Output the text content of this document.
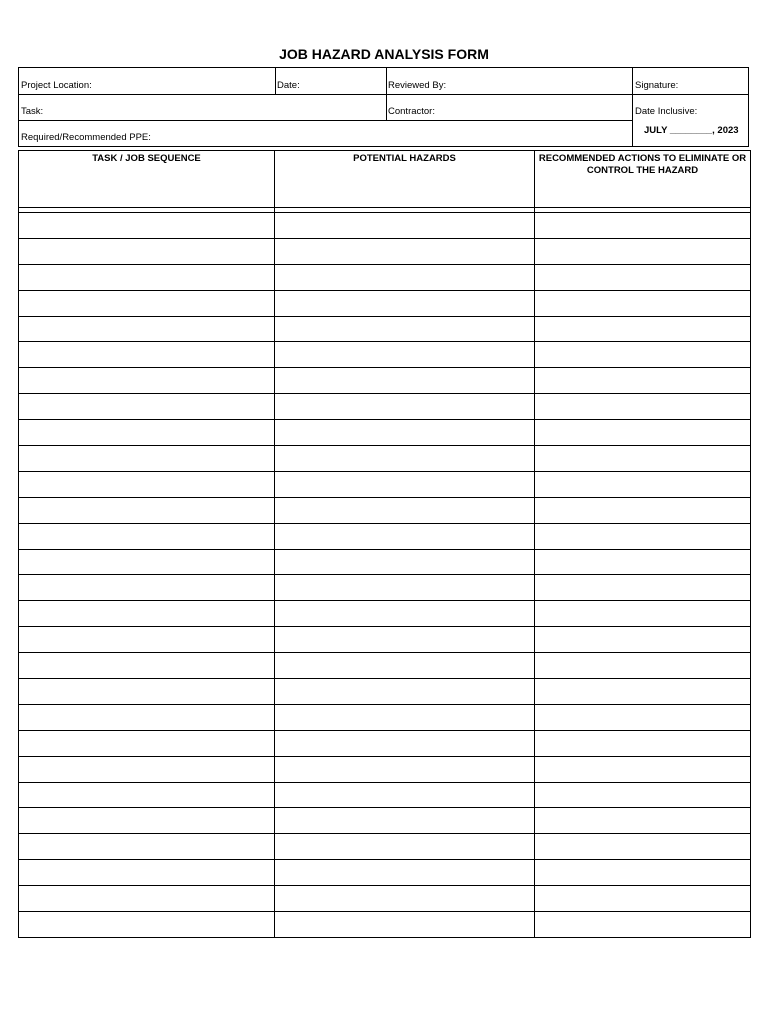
JOB HAZARD ANALYSIS FORM
Project Location:	Date:	Reviewed By:	Signature:
Task:	Contractor:	Date Inclusive:
Required/Recommended PPE:
JULY ________, 2023
TASK / JOB SEQUENCE	POTENTIAL HAZARDS	RECOMMENDED ACTIONS TO ELIMINATE OR CONTROL THE HAZARD
